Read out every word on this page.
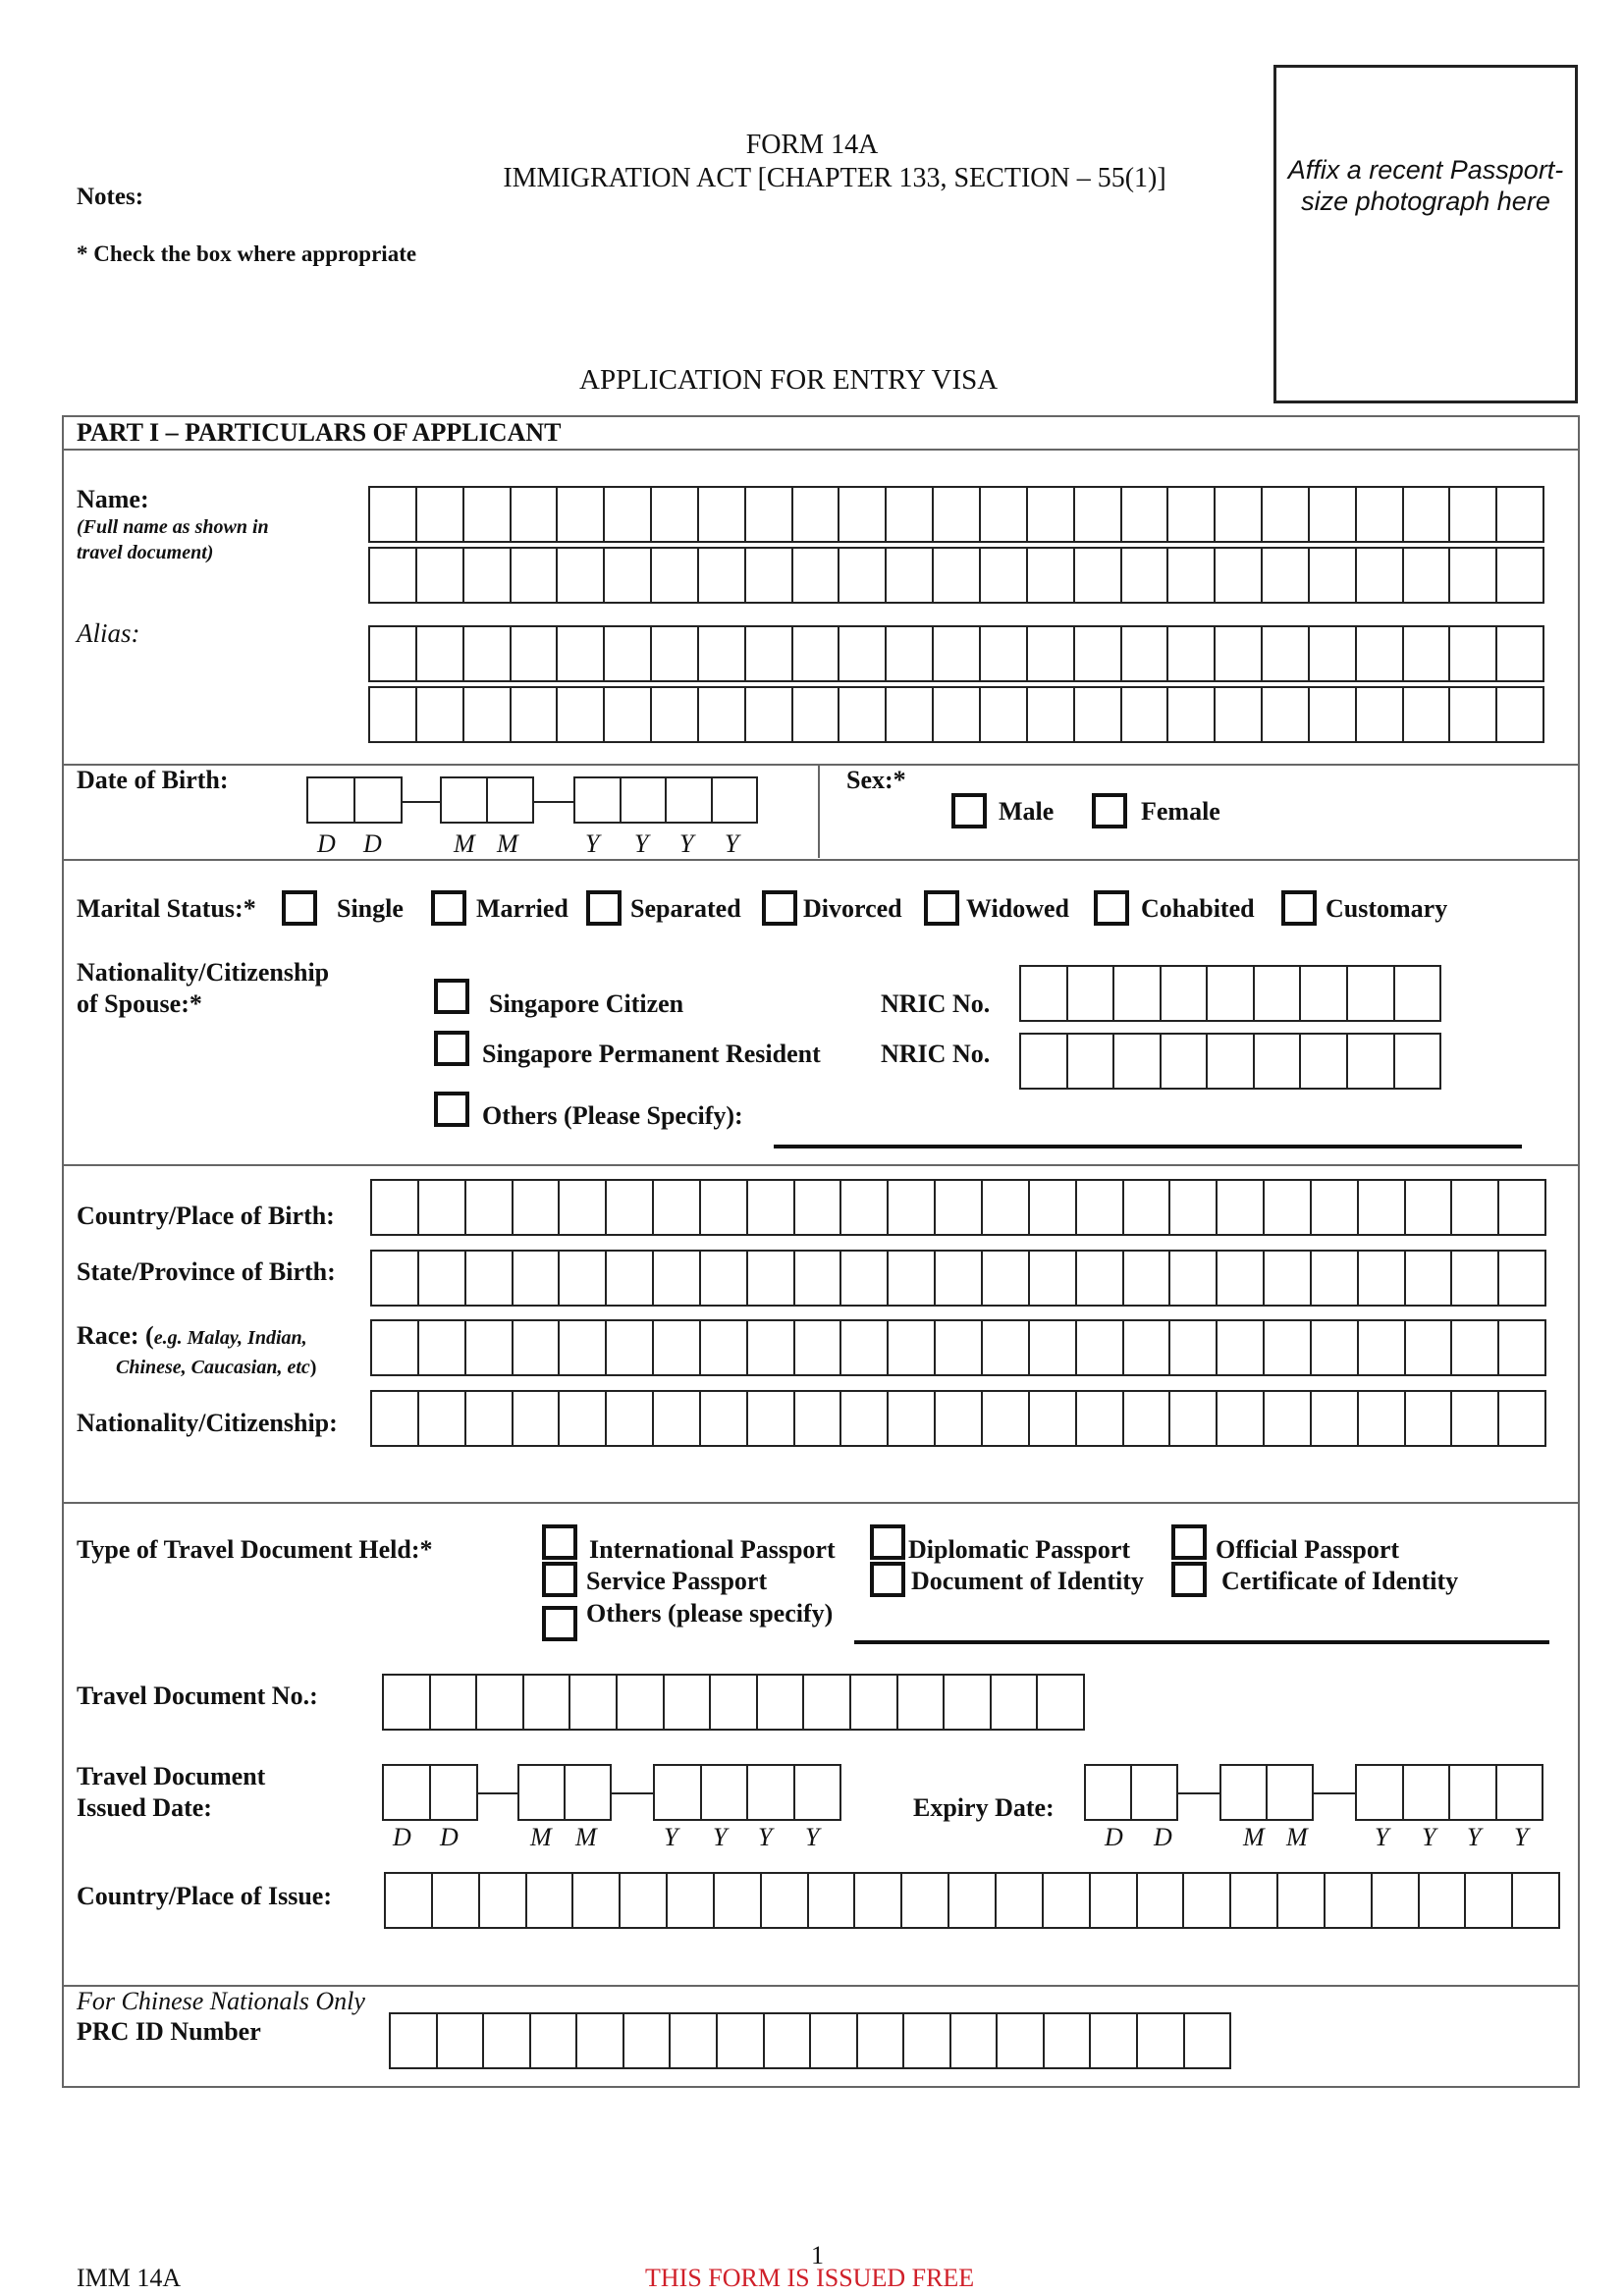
FORM 14A
IMMIGRATION ACT [CHAPTER 133, SECTION – 55(1)]
Notes:
* Check the box where appropriate
Affix a recent Passport-size photograph here
APPLICATION FOR ENTRY VISA
PART I – PARTICULARS OF APPLICANT
Name:
(Full name as shown in travel document)
Alias:
Date of Birth:
D D	M M	Y Y Y Y
Sex:*
Male	Female
Marital Status:*	Single	Married Separated Divorced	Widowed	Cohabited	Customary
Nationality/Citizenship
of Spouse:*	Singapore Citizen	NRIC No.
Singapore Permanent Resident NRIC No.
Others (Please Specify):
Country/Place of Birth:
State/Province of Birth:
Race: (e.g. Malay, Indian,
Chinese, Caucasian, etc)
Nationality/Citizenship:
Type of Travel Document Held:*	International Passport	Diplomatic Passport	Official Passport
Service Passport	Document of Identity	Certificate of Identity
Others (please specify)
Travel Document No.:
Travel Document
Issued Date:
D D	M M	Y Y Y Y
Expiry Date:
D D	M M	Y Y Y Y
Country/Place of Issue:
For Chinese Nationals Only
PRC ID Number
1
IMM 14A	THIS FORM IS ISSUED FREE
